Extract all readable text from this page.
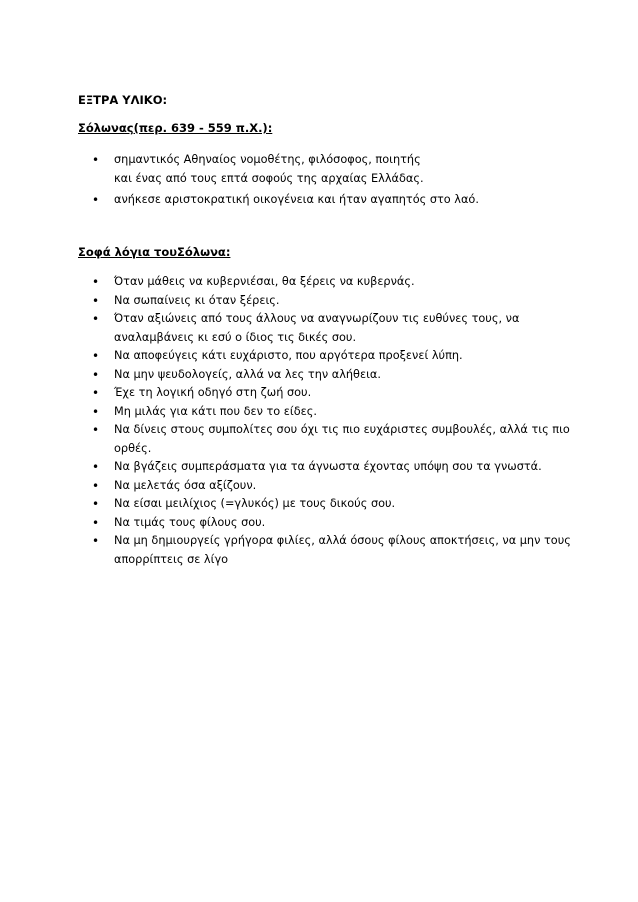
ΕΞΤΡΑ ΥΛΙΚΟ:
Σόλωνας(περ. 639 - 559 π.Χ.):
• σημαντικός Αθηναίος νομοθέτης, φιλόσοφος, ποιητής
και ένας από τους επτά σοφούς της αρχαίας Ελλάδας.
• ανήκεσε αριστοκρατική οικογένεια και ήταν αγαπητός στο λαό.
Σοφά λόγια τουΣόλωνα:
• Όταν μάθεις να κυβερνιέσαι, θα ξέρεις να κυβερνάς.
• Να σωπαίνεις κι όταν ξέρεις.
• Όταν αξιώνεις από τους άλλους να αναγνωρίζουν τις ευθύνες τους, να αναλαμβάνεις κι εσύ ο ίδιος τις δικές σου.
• Να αποφεύγεις κάτι ευχάριστο, που αργότερα προξενεί λύπη.
• Να μην ψευδολογείς, αλλά να λες την αλήθεια.
• Έχε τη λογική οδηγό στη ζωή σου.
• Μη μιλάς για κάτι που δεν το είδες.
• Να δίνεις στους συμπολίτες σου όχι τις πιο ευχάριστες συμβουλές, αλλά τις πιο ορθές.
• Να βγάζεις συμπεράσματα για τα άγνωστα έχοντας υπόψη σου τα γνωστά.
• Να μελετάς όσα αξίζουν.
• Να είσαι μειλίχιος (=γλυκός) με τους δικούς σου.
• Να τιμάς τους φίλους σου.
• Να μη δημιουργείς γρήγορα φιλίες, αλλά όσους φίλους αποκτήσεις, να μην τους απορρίπτεις σε λίγο
